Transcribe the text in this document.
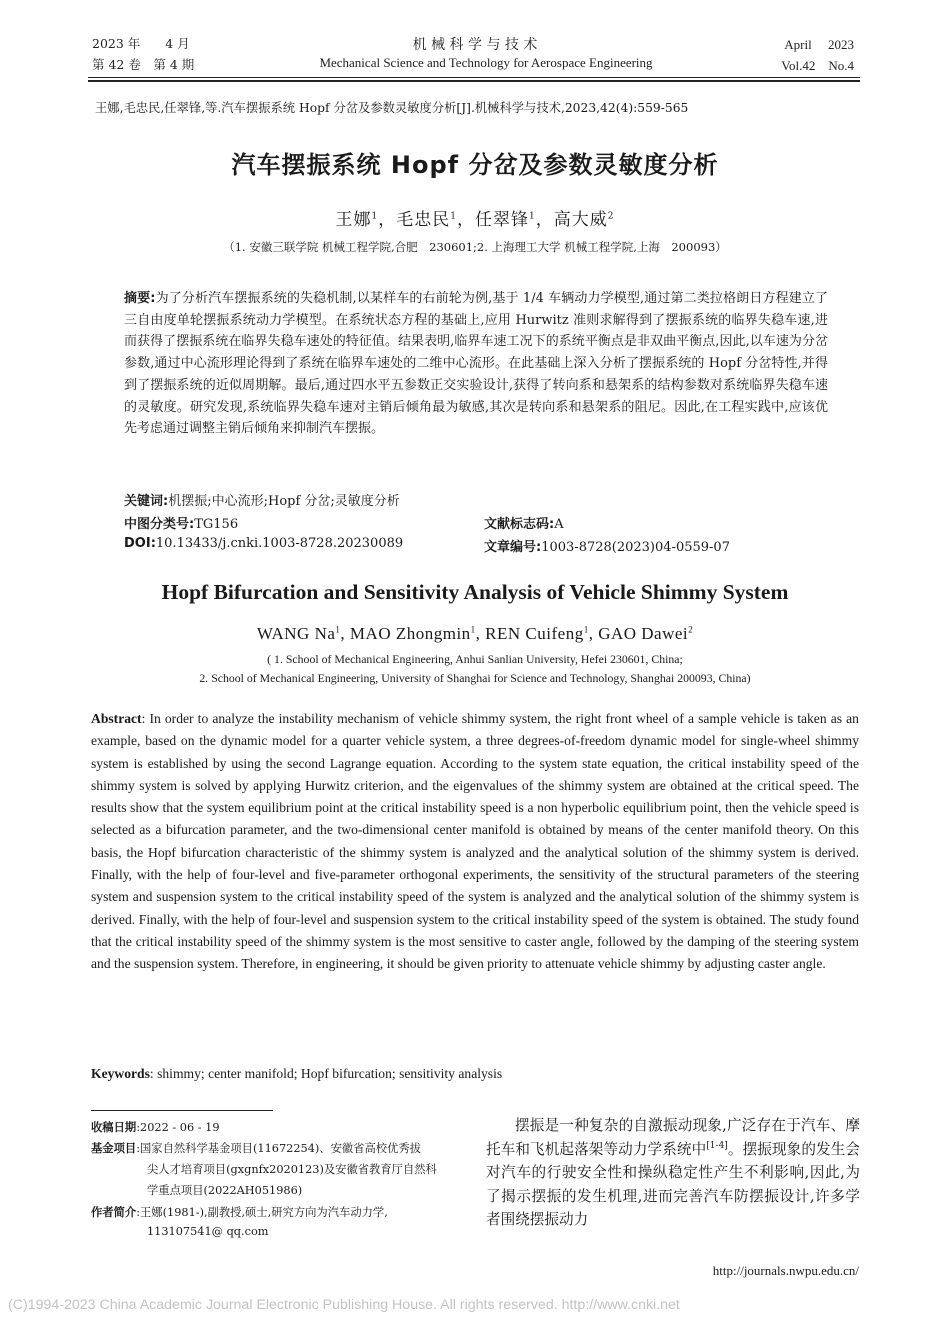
2023 年　　4 月
第 42 卷　第 4 期
机 械 科 学 与 技 术
Mechanical Science and Technology for Aerospace Engineering
April　 2023
Vol.42　No.4
王娜,毛忠民,任翠锋,等.汽车摆振系统 Hopf 分岔及参数灵敏度分析[J].机械科学与技术,2023,42(4):559-565
汽车摆振系统 Hopf 分岔及参数灵敏度分析
王娜$^1$，毛忠民$^1$，任翠锋$^1$，高大威$^2$
（1. 安徽三联学院 机械工程学院,合肥　230601;2. 上海理工大学 机械工程学院,上海　200093）
摘要:为了分析汽车摆振系统的失稳机制,以某样车的右前轮为例,基于 1/4 车辆动力学模型,通过第二类拉格朗日方程建立了三自由度单轮摆振系统动力学模型。在系统状态方程的基础上,应用 Hurwitz 准则求解得到了摆振系统的临界失稳车速,进而获得了摆振系统在临界失稳车速处的特征值。结果表明,临界车速工况下的系统平衡点是非双曲平衡点,因此,以车速为分岔参数,通过中心流形理论得到了系统在临界车速处的二维中心流形。在此基础上深入分析了摆振系统的 Hopf 分岔特性,并得到了摆振系统的近似周期解。最后,通过四水平五参数正交实验设计,获得了转向系和悬架系的结构参数对系统临界失稳车速的灵敏度。研究发现,系统临界失稳车速对主销后倾角最为敏感,其次是转向系和悬架系的阻尼。因此,在工程实践中,应该优先考虑通过调整主销后倾角来抑制汽车摆振。
关键词:机摆振;中心流形;Hopf 分岔;灵敏度分析
中图分类号:TG156	文献标志码:A
DOI:10.13433/j.cnki.1003-8728.20230089	文章编号:1003-8728(2023)04-0559-07
Hopf Bifurcation and Sensitivity Analysis of Vehicle Shimmy System
WANG Na$^1$, MAO Zhongmin$^1$, REN Cuifeng$^1$, GAO Dawei$^2$
( 1. School of Mechanical Engineering, Anhui Sanlian University, Hefei 230601, China;
2. School of Mechanical Engineering, University of Shanghai for Science and Technology, Shanghai 200093, China)
Abstract: In order to analyze the instability mechanism of vehicle shimmy system, the right front wheel of a sample vehicle is taken as an example, based on the dynamic model for a quarter vehicle system, a three degrees-of-freedom dynamic model for single-wheel shimmy system is established by using the second Lagrange equation. According to the system state equation, the critical instability speed of the shimmy system is solved by applying Hurwitz criterion, and the eigenvalues of the shimmy system are obtained at the critical speed. The results show that the system equilibrium point at the critical instability speed is a non hyperbolic equilibrium point, then the vehicle speed is selected as a bifurcation parameter, and the two-dimensional center manifold is obtained by means of the center manifold theory. On this basis, the Hopf bifurcation characteristic of the shimmy system is analyzed and the analytical solution of the shimmy system is derived. Finally, with the help of four-level and five-parameter orthogonal experiments, the sensitivity of the structural parameters of the steering system and suspension system to the critical instability speed of the system is analyzed and the analytical solution of the shimmy system is derived. Finally, with the help of four-level and suspension system to the critical instability speed of the system is obtained. The study found that the critical instability speed of the shimmy system is the most sensitive to caster angle, followed by the damping of the steering system and the suspension system. Therefore, in engineering, it should be given priority to attenuate vehicle shimmy by adjusting caster angle.
Keywords: shimmy; center manifold; Hopf bifurcation; sensitivity analysis
收稿日期:2022 - 06 - 19
基金项目:国家自然科学基金项目(11672254)、安徽省高校优秀拔
尖人才培育项目(gxgnfx2020123)及安徽省教育厅自然科
学重点项目(2022AH051986)
作者简介:王娜(1981-),副教授,硕士,研究方向为汽车动力学,
113107541@ qq.com
摆振是一种复杂的自激振动现象,广泛存在于汽车、摩托车和飞机起落架等动力学系统中[1-4]。摆振现象的发生会对汽车的行驶安全性和操纵稳定性产生不利影响,因此,为了揭示摆振的发生机理,进而完善汽车防摆振设计,许多学者围绕摆振动力
http://journals.nwpu.edu.cn/
(C)1994-2023 China Academic Journal Electronic Publishing House. All rights reserved. http://www.cnki.net
